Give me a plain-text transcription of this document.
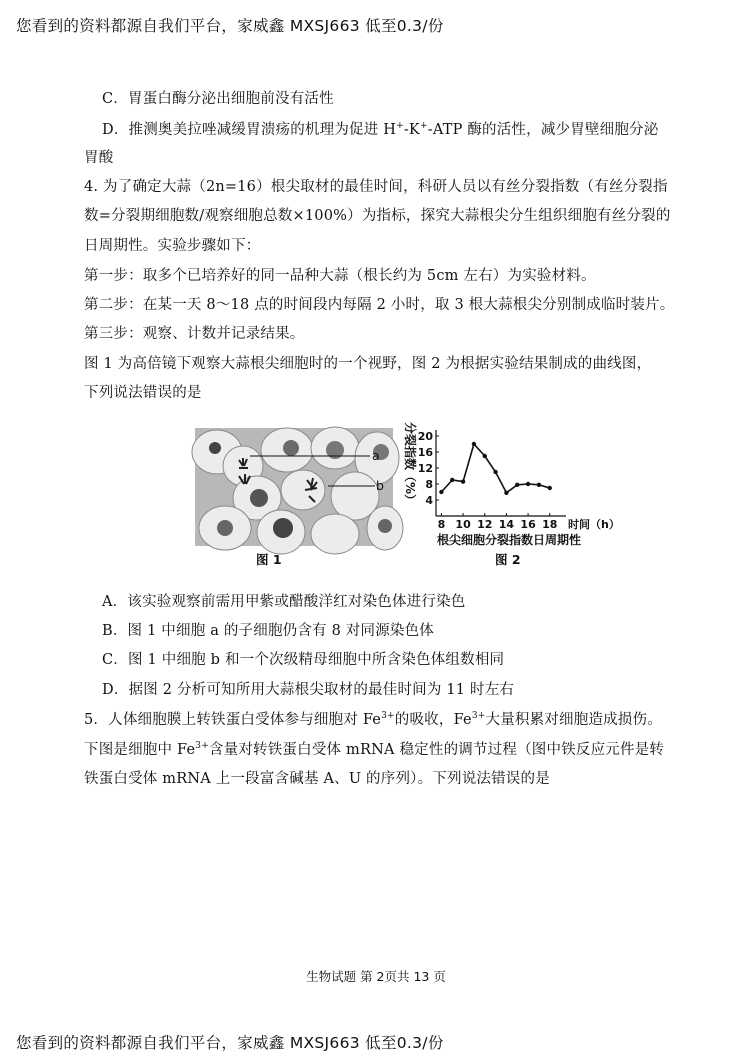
您看到的资料都源自我们平台，家威鑫 MXSJ663 低至0.3/份
C．胃蛋白酶分泌出细胞前没有活性
D．推测奥美拉唑减缓胃溃疡的机理为促进 H+-K+-ATP 酶的活性，减少胃壁细胞分泌
胃酸
4. 为了确定大蒜（2n=16）根尖取材的最佳时间，科研人员以有丝分裂指数（有丝分裂指
数=分裂期细胞数/观察细胞总数×100%）为指标，探究大蒜根尖分生组织细胞有丝分裂的
日周期性。实验步骤如下：
第一步：取多个已培养好的同一品种大蒜（根长约为 5cm 左右）为实验材料。
第二步：在某一天 8～18 点的时间段内每隔 2 小时，取 3 根大蒜根尖分别制成临时装片。
第三步：观察、计数并记录结果。
图 1 为高倍镜下观察大蒜根尖细胞时的一个视野，图 2 为根据实验结果制成的曲线图，
下列说法错误的是
a
b
图 1
4
8
12
16
20
8 10 12 14 16 18
分裂指数（%）
时间（h）
根尖细胞分裂指数日周期性
图 2
A．该实验观察前需用甲紫或醋酸洋红对染色体进行染色
B．图 1 中细胞 a 的子细胞仍含有 8 对同源染色体
C．图 1 中细胞 b 和一个次级精母细胞中所含染色体组数相同
D．据图 2 分析可知所用大蒜根尖取材的最佳时间为 11 时左右
5．人体细胞膜上转铁蛋白受体参与细胞对 $Fe^{3+}$的吸收，$Fe^{3+}$大量积累对细胞造成损伤。
下图是细胞中 $Fe^{3+}$含量对转铁蛋白受体 mRNA 稳定性的调节过程（图中铁反应元件是转
铁蛋白受体 mRNA 上一段富含碱基 A、U 的序列）。下列说法错误的是
生物试题 第 2页共 13 页
您看到的资料都源自我们平台，家威鑫 MXSJ663 低至0.3/份
